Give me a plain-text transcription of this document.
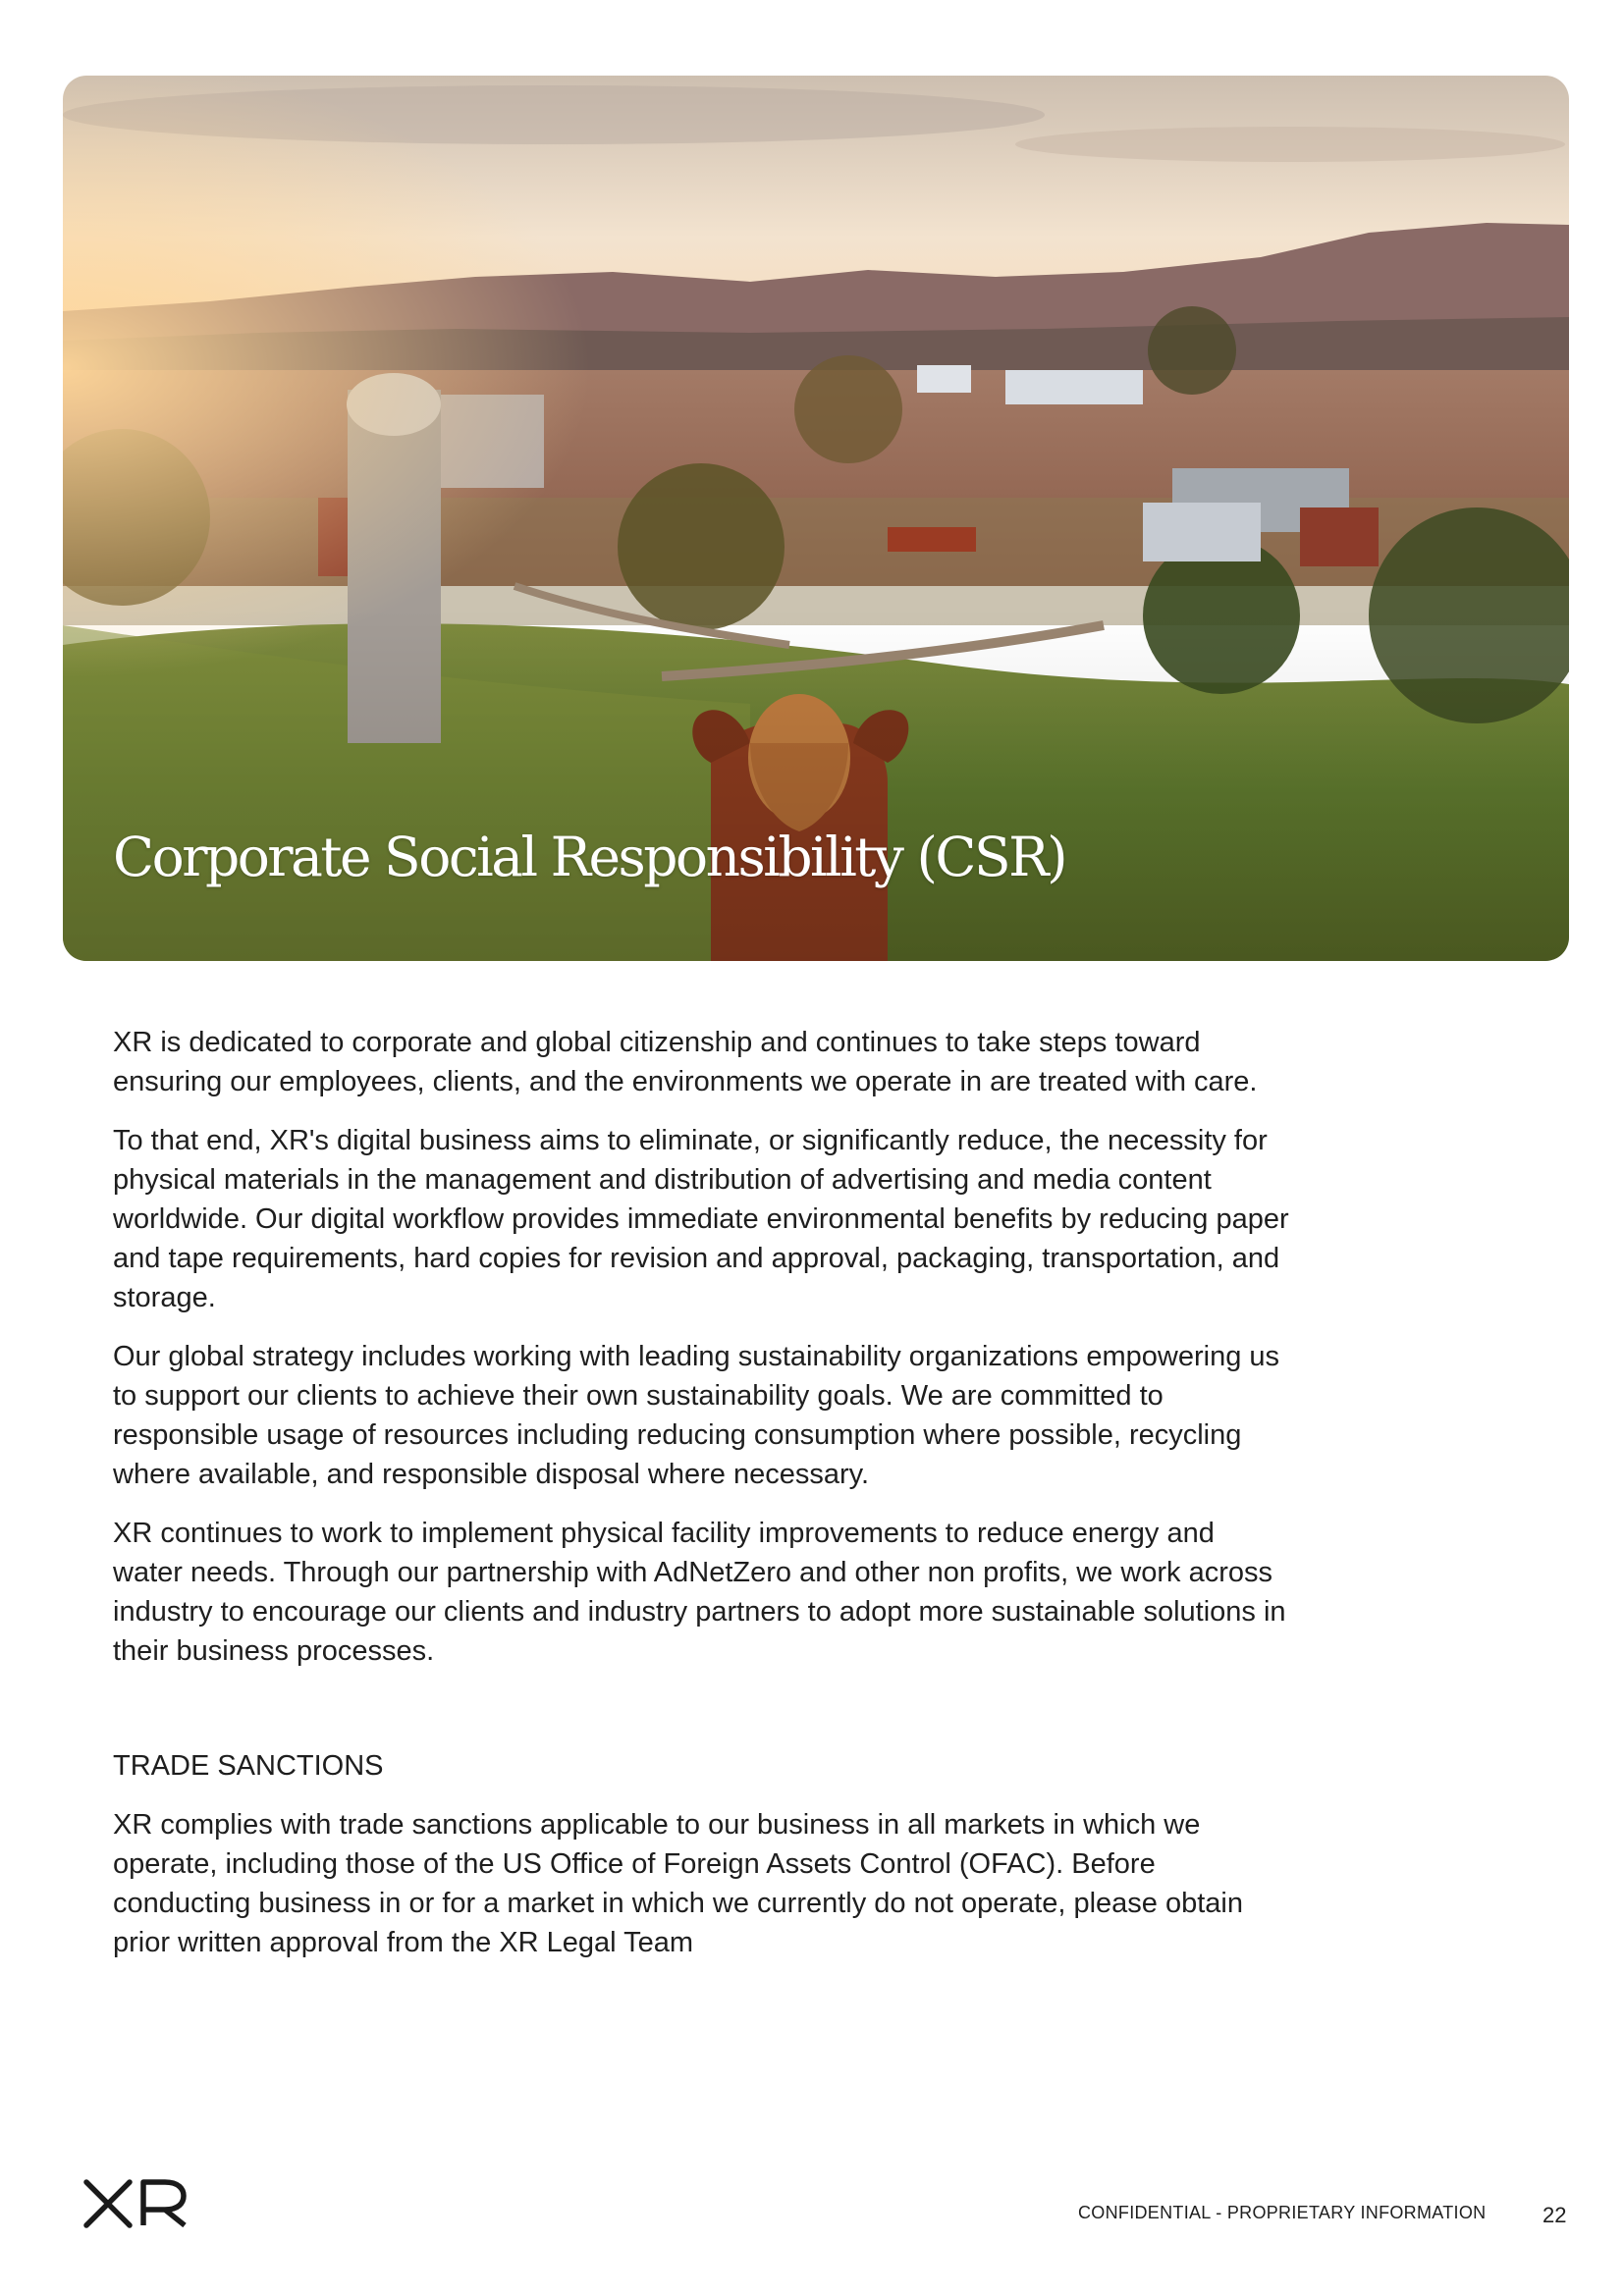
Corporate Social Responsibility (CSR)

XR is dedicated to corporate and global citizenship and continues to take steps toward ensuring our employees, clients, and the environments we operate in are treated with care.

To that end, XR's digital business aims to eliminate, or significantly reduce, the necessity for physical materials in the management and distribution of advertising and media content worldwide. Our digital workflow provides immediate environmental benefits by reducing paper and tape requirements, hard copies for revision and approval, packaging, transportation, and storage.

Our global strategy includes working with leading sustainability organizations empowering us to support our clients to achieve their own sustainability goals. We are committed to responsible usage of resources including reducing consumption where possible, recycling where available, and responsible disposal where necessary.

XR continues to work to implement physical facility improvements to reduce energy and water needs. Through our partnership with AdNetZero and other non profits, we work across industry to encourage our clients and industry partners to adopt more sustainable solutions in their business processes.

TRADE SANCTIONS

XR complies with trade sanctions applicable to our business in all markets in which we operate, including those of the US Office of Foreign Assets Control (OFAC). Before conducting business in or for a market in which we currently do not operate, please obtain prior written approval from the XR Legal Team

XR
CONFIDENTIAL - PROPRIETARY INFORMATION	22
